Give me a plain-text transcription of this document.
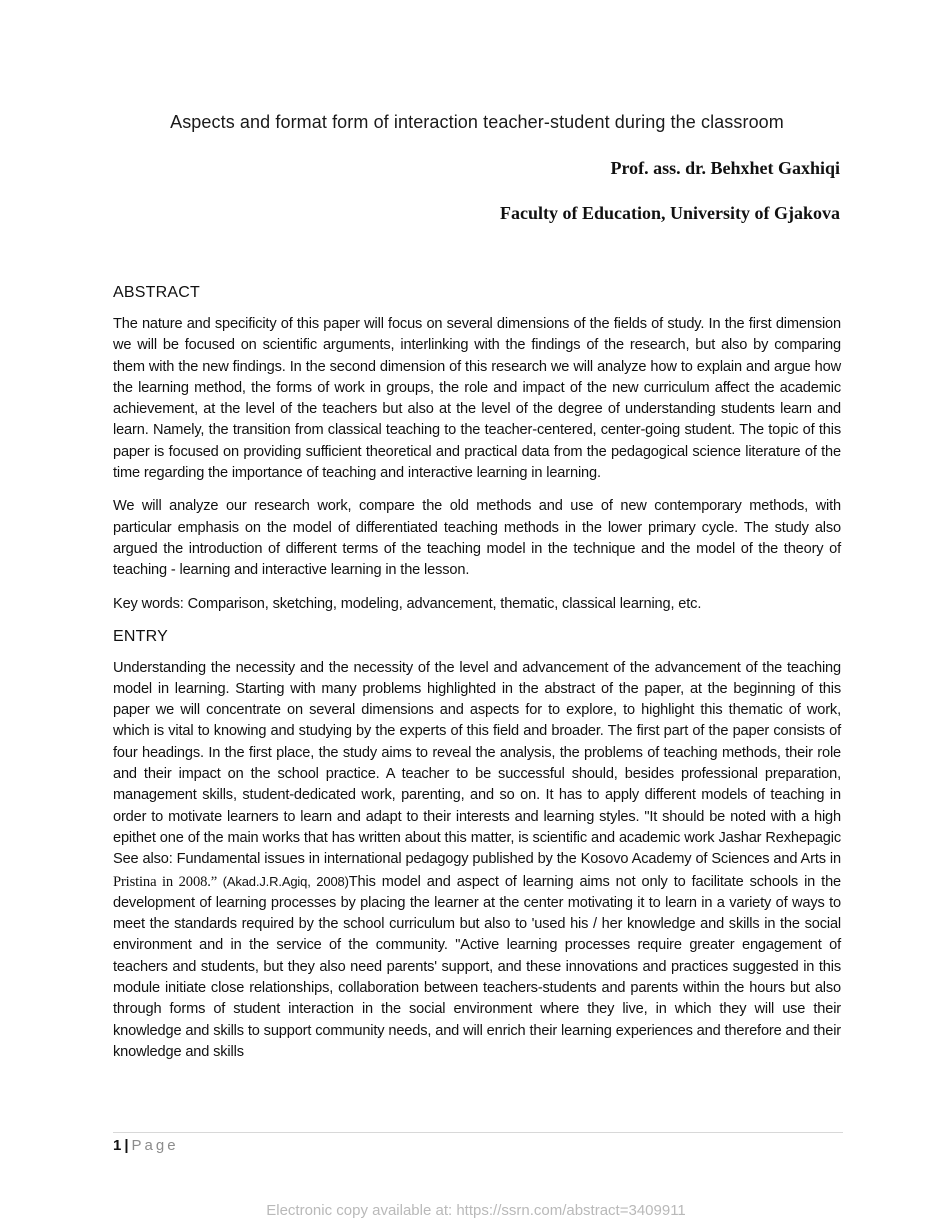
Aspects and format form of interaction teacher-student during the classroom
Prof. ass. dr. Behxhet Gaxhiqi
Faculty of Education, University of Gjakova
ABSTRACT

The nature and specificity of this paper will focus on several dimensions of the fields of study. In the first dimension we will be focused on scientific arguments, interlinking with the findings of the research, but also by comparing them with the new findings. In the second dimension of this research we will analyze how to explain and argue how the learning method, the forms of work in groups, the role and impact of the new curriculum affect the academic achievement, at the level of the teachers but also at the level of the degree of understanding students learn and learn. Namely, the transition from classical teaching to the teacher-centered, center-going student. The topic of this paper is focused on providing sufficient theoretical and practical data from the pedagogical science literature of the time regarding the importance of teaching and interactive learning in learning.

We will analyze our research work, compare the old methods and use of new contemporary methods, with particular emphasis on the model of differentiated teaching methods in the lower primary cycle. The study also argued the introduction of different terms of the teaching model in the technique and the model of the theory of teaching - learning and interactive learning in the lesson.

Key words: Comparison, sketching, modeling, advancement, thematic, classical learning, etc.
ENTRY

Understanding the necessity and the necessity of the level and advancement of the advancement of the teaching model in learning. Starting with many problems highlighted in the abstract of the paper, at the beginning of this paper we will concentrate on several dimensions and aspects for to explore, to highlight this thematic of work, which is vital to knowing and studying by the experts of this field and broader. The first part of the paper consists of four headings. In the first place, the study aims to reveal the analysis, the problems of teaching methods, their role and their impact on the school practice. A teacher to be successful should, besides professional preparation, management skills, student-dedicated work, parenting, and so on. It has to apply different models of teaching in order to motivate learners to learn and adapt to their interests and learning styles. "It should be noted with a high epithet one of the main works that has written about this matter, is scientific and academic work Jashar Rexhepagic See also: Fundamental issues in international pedagogy published by the Kosovo Academy of Sciences and Arts in Pristina in 2008.” (Akad.J.R.Agiq, 2008)This model and aspect of learning aims not only to facilitate schools in the development of learning processes by placing the learner at the center motivating it to learn in a variety of ways to meet the standards required by the school curriculum but also to 'used his / her knowledge and skills in the social environment and in the service of the community. "Active learning processes require greater engagement of teachers and students, but they also need parents' support, and these innovations and practices suggested in this module initiate close relationships, collaboration between teachers-students and parents within the hours but also through forms of student interaction in the social environment where they live, in which they will use their knowledge and skills to support community needs, and will enrich their learning experiences and therefore and their knowledge and skills

1 | Page
Electronic copy available at: https://ssrn.com/abstract=3409911
